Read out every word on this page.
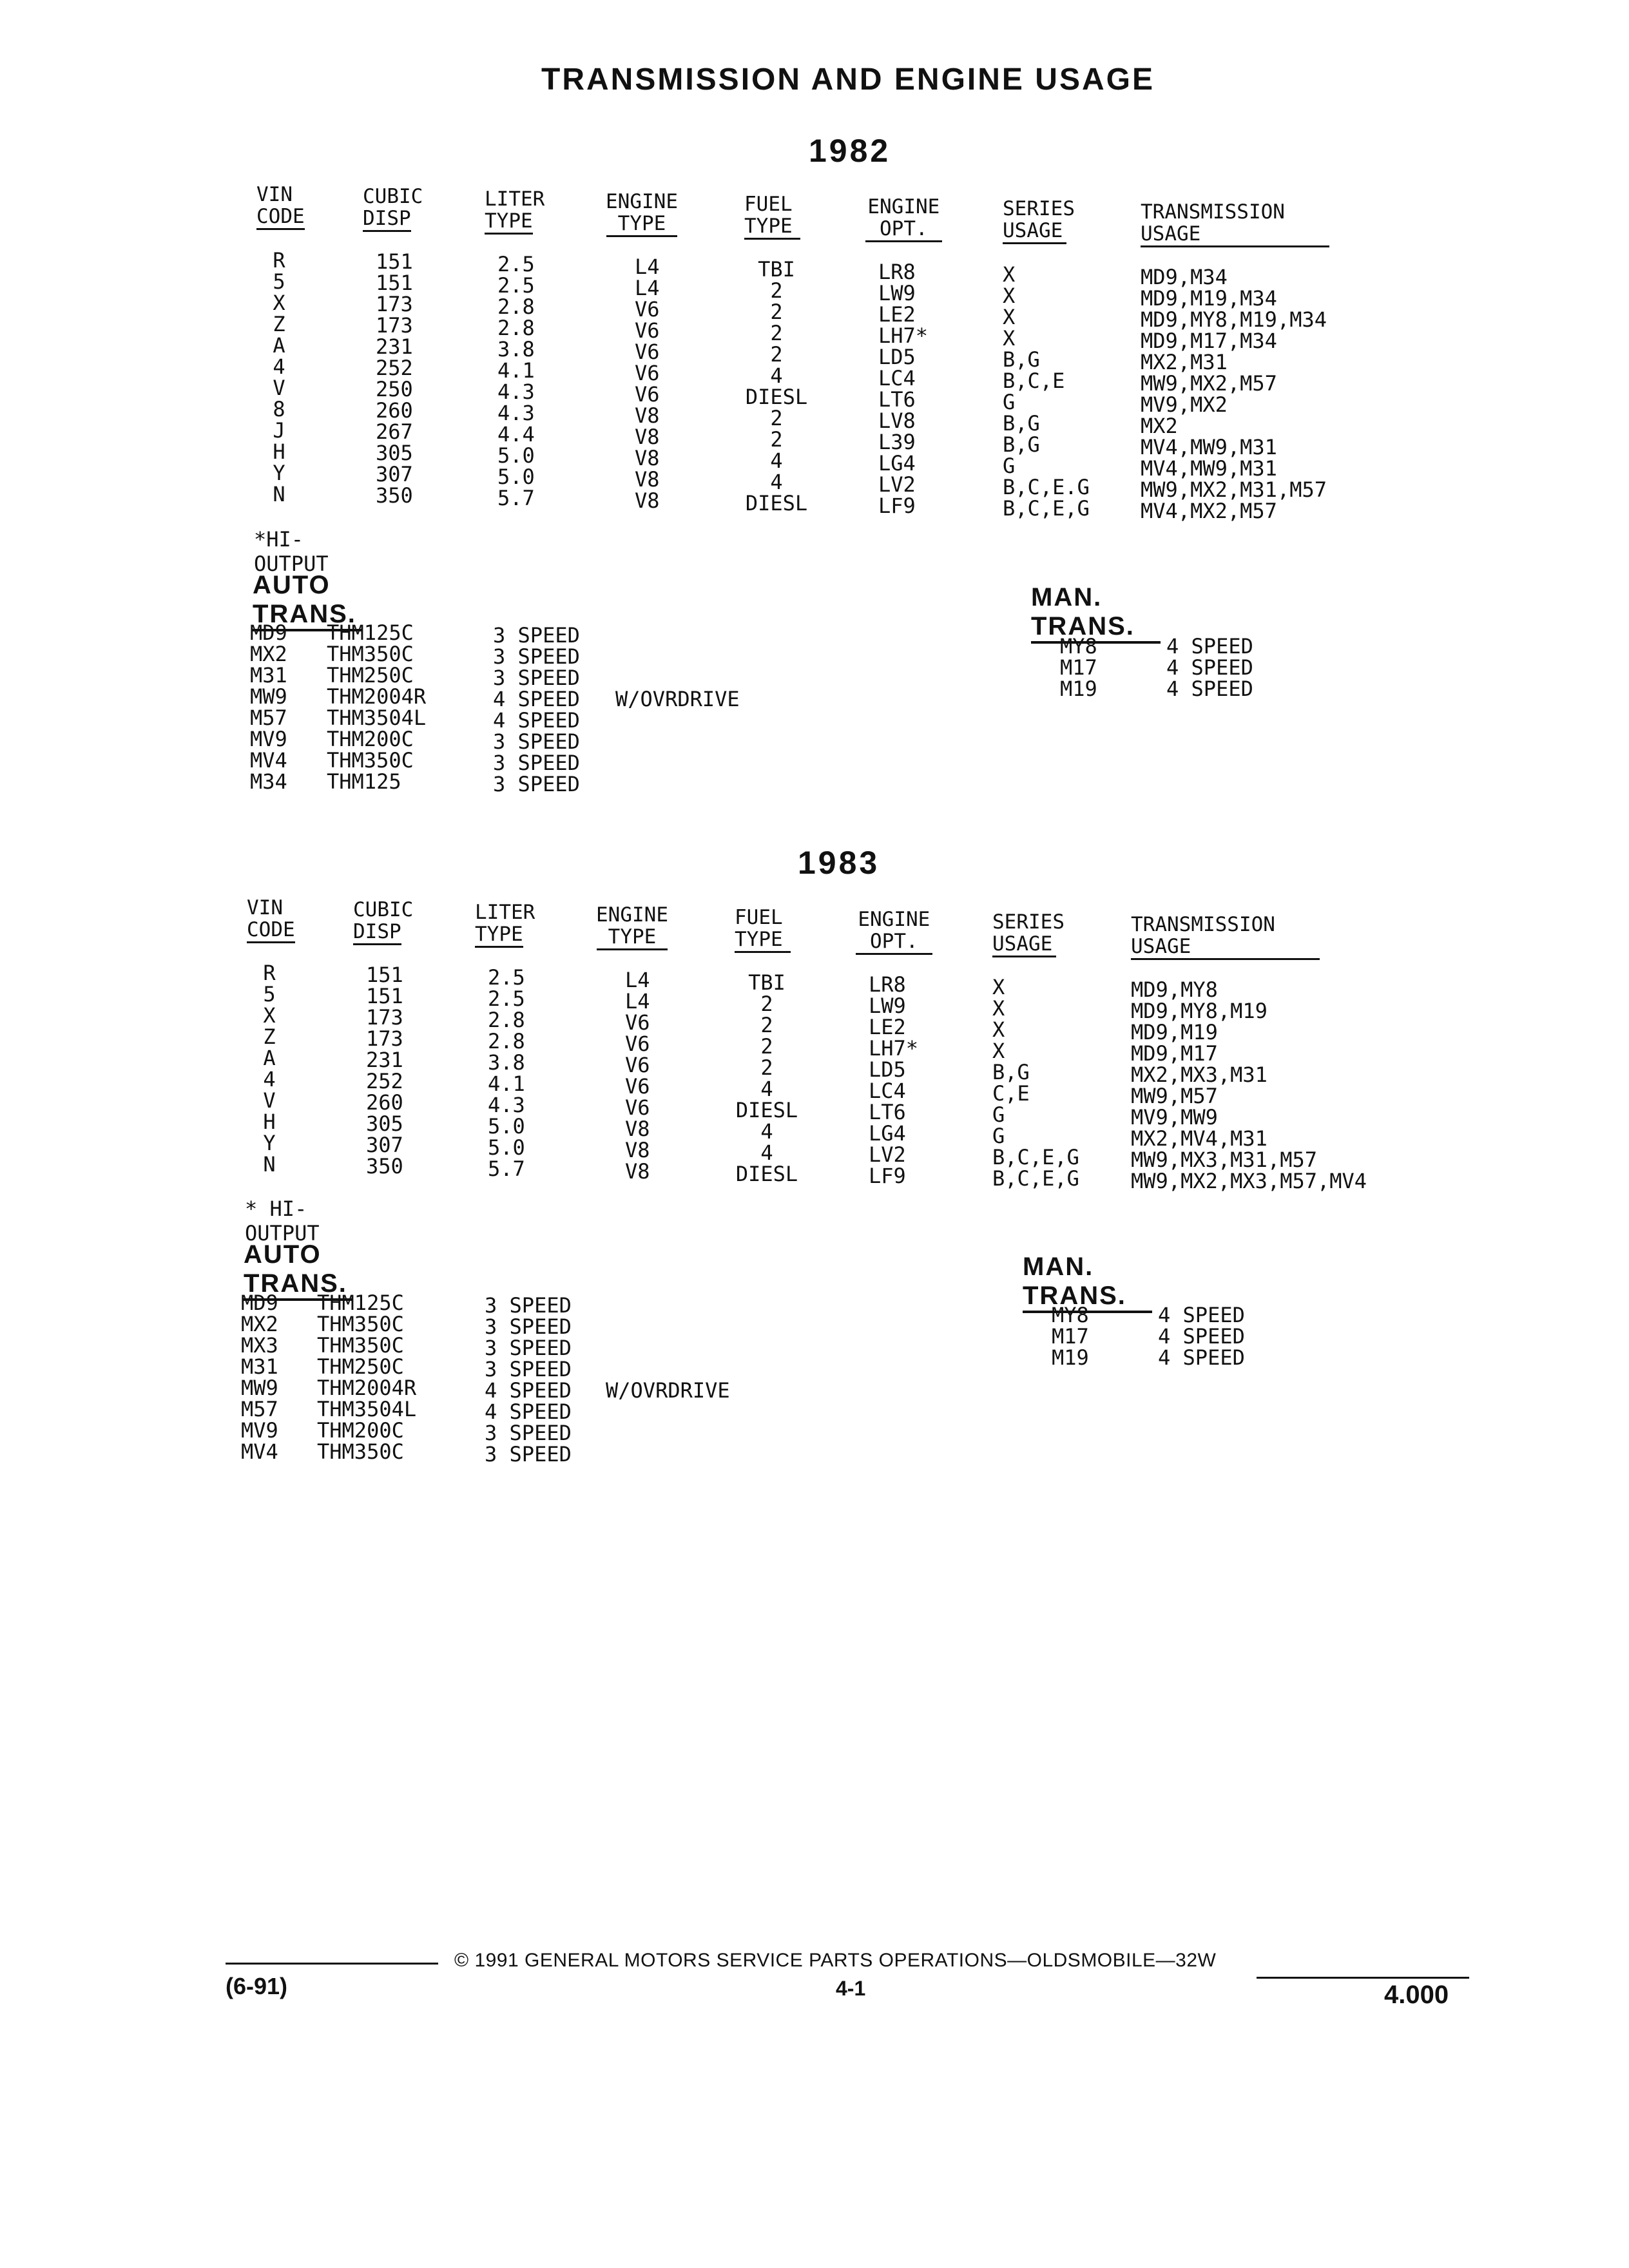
TRANSMISSION AND ENGINE USAGE
1982
VIN
CODE
CUBIC
DISP
LITER
TYPE
ENGINE
TYPE
FUEL
TYPE
ENGINE
OPT.
SERIES
USAGE
TRANSMISSION
USAGE
R
5
X
Z
A
4
V
8
J
H
Y
N
151
151
173
173
231
252
250
260
267
305
307
350
2.5
2.5
2.8
2.8
3.8
4.1
4.3
4.3
4.4
5.0
5.0
5.7
L4
L4
V6
V6
V6
V6
V6
V8
V8
V8
V8
V8
TBI
2
2
2
2
4
DIESL
2
2
4
4
DIESL
LR8
LW9
LE2
LH7*
LD5
LC4
LT6
LV8
L39
LG4
LV2
LF9
X
X
X
X
B,G
B,C,E
G
B,G
B,G
G
B,C,E.G
B,C,E,G
MD9,M34
MD9,M19,M34
MD9,MY8,M19,M34
MD9,M17,M34
MX2,M31
MW9,MX2,M57
MV9,MX2
MX2
MV4,MW9,M31
MV4,MW9,M31
MW9,MX2,M31,M57
MV4,MX2,M57
*HI-OUTPUT
AUTO TRANS.
MD9
MX2
M31
MW9
M57
MV9
MV4
M34
THM125C
THM350C
THM250C
THM2004R
THM3504L
THM200C
THM350C
THM125
3 SPEED
3 SPEED
3 SPEED
4 SPEED
4 SPEED
3 SPEED
3 SPEED
3 SPEED

W/OVRDRIVE

MAN. TRANS.
MY8
M17
M19
4 SPEED
4 SPEED
4 SPEED
1983
VIN
CODE
CUBIC
DISP
LITER
TYPE
ENGINE
TYPE
FUEL
TYPE
ENGINE
OPT.
SERIES
USAGE
TRANSMISSION
USAGE
R
5
X
Z
A
4
V
H
Y
N
151
151
173
173
231
252
260
305
307
350
2.5
2.5
2.8
2.8
3.8
4.1
4.3
5.0
5.0
5.7
L4
L4
V6
V6
V6
V6
V6
V8
V8
V8
TBI
2
2
2
2
4
DIESL
4
4
DIESL
LR8
LW9
LE2
LH7*
LD5
LC4
LT6
LG4
LV2
LF9
X
X
X
X
B,G
C,E
G
G
B,C,E,G
B,C,E,G
MD9,MY8
MD9,MY8,M19
MD9,M19
MD9,M17
MX2,MX3,M31
MW9,M57
MV9,MW9
MX2,MV4,M31
MW9,MX3,M31,M57
MW9,MX2,MX3,M57,MV4
* HI-OUTPUT
AUTO TRANS.
MD9
MX2
MX3
M31
MW9
M57
MV9
MV4
THM125C
THM350C
THM350C
THM250C
THM2004R
THM3504L
THM200C
THM350C
3 SPEED
3 SPEED
3 SPEED
3 SPEED
4 SPEED
4 SPEED
3 SPEED
3 SPEED

W/OVRDRIVE

MAN. TRANS.
MY8
M17
M19
4 SPEED
4 SPEED
4 SPEED
© 1991 GENERAL MOTORS SERVICE PARTS OPERATIONS—OLDSMOBILE—32W
(6-91)	4-1	4.000
